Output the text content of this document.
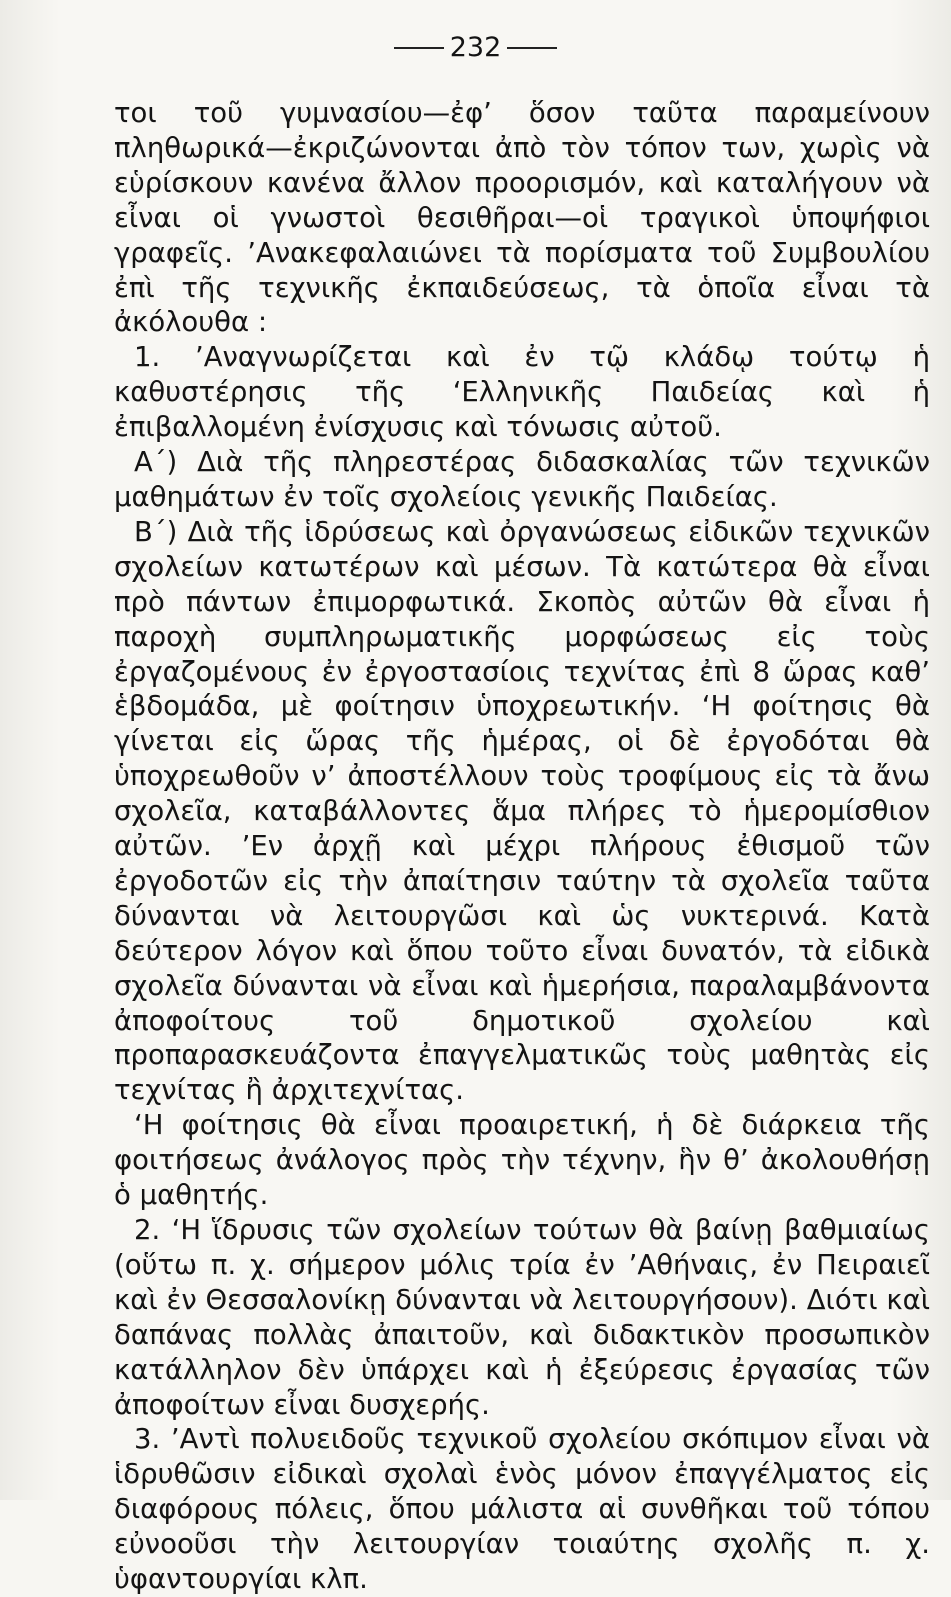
232

τοι τοῦ γυμνασίου—ἐφ’ ὅσον ταῦτα παραμείνουν πληθωρικά—ἐκριζώνονται ἀπὸ τὸν τόπον των, χωρὶς νὰ εὑρίσκουν κανένα ἄλλον προορισμόν, καὶ καταλήγουν νὰ εἶναι οἱ γνωστοὶ θεσιθῆραι—οἱ τραγικοὶ ὑποψήφιοι γραφεῖς. ’Ανακεφαλαιώνει τὰ πορίσματα τοῦ Συμβουλίου ἐπὶ τῆς τεχνικῆς ἐκπαιδεύσεως, τὰ ὁποῖα εἶναι τὰ ἀκόλουθα :

1. ’Αναγνωρίζεται καὶ ἐν τῷ κλάδῳ τούτῳ ἡ καθυστέρησις τῆς ‘Ελληνικῆς Παιδείας καὶ ἡ ἐπιβαλλομένη ἐνίσχυσις καὶ τόνωσις αὐτοῦ.

Α΄) Διὰ τῆς πληρεστέρας διδασκαλίας τῶν τεχνικῶν μαθημάτων ἐν τοῖς σχολείοις γενικῆς Παιδείας.

Β΄) Διὰ τῆς ἱδρύσεως καὶ ὀργανώσεως εἰδικῶν τεχνικῶν σχολείων κατωτέρων καὶ μέσων. Τὰ κατώτερα θὰ εἶναι πρὸ πάντων ἐπιμορφωτικά. Σκοπὸς αὐτῶν θὰ εἶναι ἡ παροχὴ συμπληρωματικῆς μορφώσεως εἰς τοὺς ἐργαζομένους ἐν ἐργοστασίοις τεχνίτας ἐπὶ 8 ὥρας καθ’ ἑβδομάδα, μὲ φοίτησιν ὑποχρεωτικήν. ‘Η φοίτησις θὰ γίνεται εἰς ὥρας τῆς ἡμέρας, οἱ δὲ ἐργοδόται θὰ ὑποχρεωθοῦν ν’ ἀποστέλλουν τοὺς τροφίμους εἰς τὰ ἄνω σχολεῖα, καταβάλλοντες ἅμα πλήρες τὸ ἡμερομίσθιον αὐτῶν. ’Εν ἀρχῇ καὶ μέχρι πλήρους ἐθισμοῦ τῶν ἐργοδοτῶν εἰς τὴν ἀπαίτησιν ταύτην τὰ σχολεῖα ταῦτα δύνανται νὰ λειτουργῶσι καὶ ὡς νυκτερινά. Κατὰ δεύτερον λόγον καὶ ὅπου τοῦτο εἶναι δυνατόν, τὰ εἰδικὰ σχολεῖα δύνανται νὰ εἶναι καὶ ἡμερήσια, παραλαμβάνοντα ἀποφοίτους τοῦ δημοτικοῦ σχολείου καὶ προπαρασκευάζοντα ἐπαγγελματικῶς τοὺς μαθητὰς εἰς τεχνίτας ἢ ἀρχιτεχνίτας.

‘Η φοίτησις θὰ εἶναι προαιρετική, ἡ δὲ διάρκεια τῆς φοιτήσεως ἀνάλογος πρὸς τὴν τέχνην, ἣν θ’ ἀκολουθήσῃ ὁ μαθητής.

2. ‘Η ἵδρυσις τῶν σχολείων τούτων θὰ βαίνῃ βαθμιαίως (οὕτω π. χ. σήμερον μόλις τρία ἐν ’Αθήναις, ἐν Πειραιεῖ καὶ ἐν Θεσσαλονίκῃ δύνανται νὰ λειτουργήσουν). Διότι καὶ δαπάνας πολλὰς ἀπαιτοῦν, καὶ διδακτικὸν προσωπικὸν κατάλληλον δὲν ὑπάρχει καὶ ἡ ἐξεύρεσις ἐργασίας τῶν ἀποφοίτων εἶναι δυσχερής.

3. ’Αντὶ πολυειδοῦς τεχνικοῦ σχολείου σκόπιμον εἶναι νὰ ἱδρυθῶσιν εἰδικαὶ σχολαὶ ἑνὸς μόνον ἐπαγγέλματος εἰς διαφόρους πόλεις, ὅπου μάλιστα αἱ συνθῆκαι τοῦ τόπου εὐνοοῦσι τὴν λειτουργίαν τοιαύτης σχολῆς π. χ. ὑφαντουργίαι κλπ.
